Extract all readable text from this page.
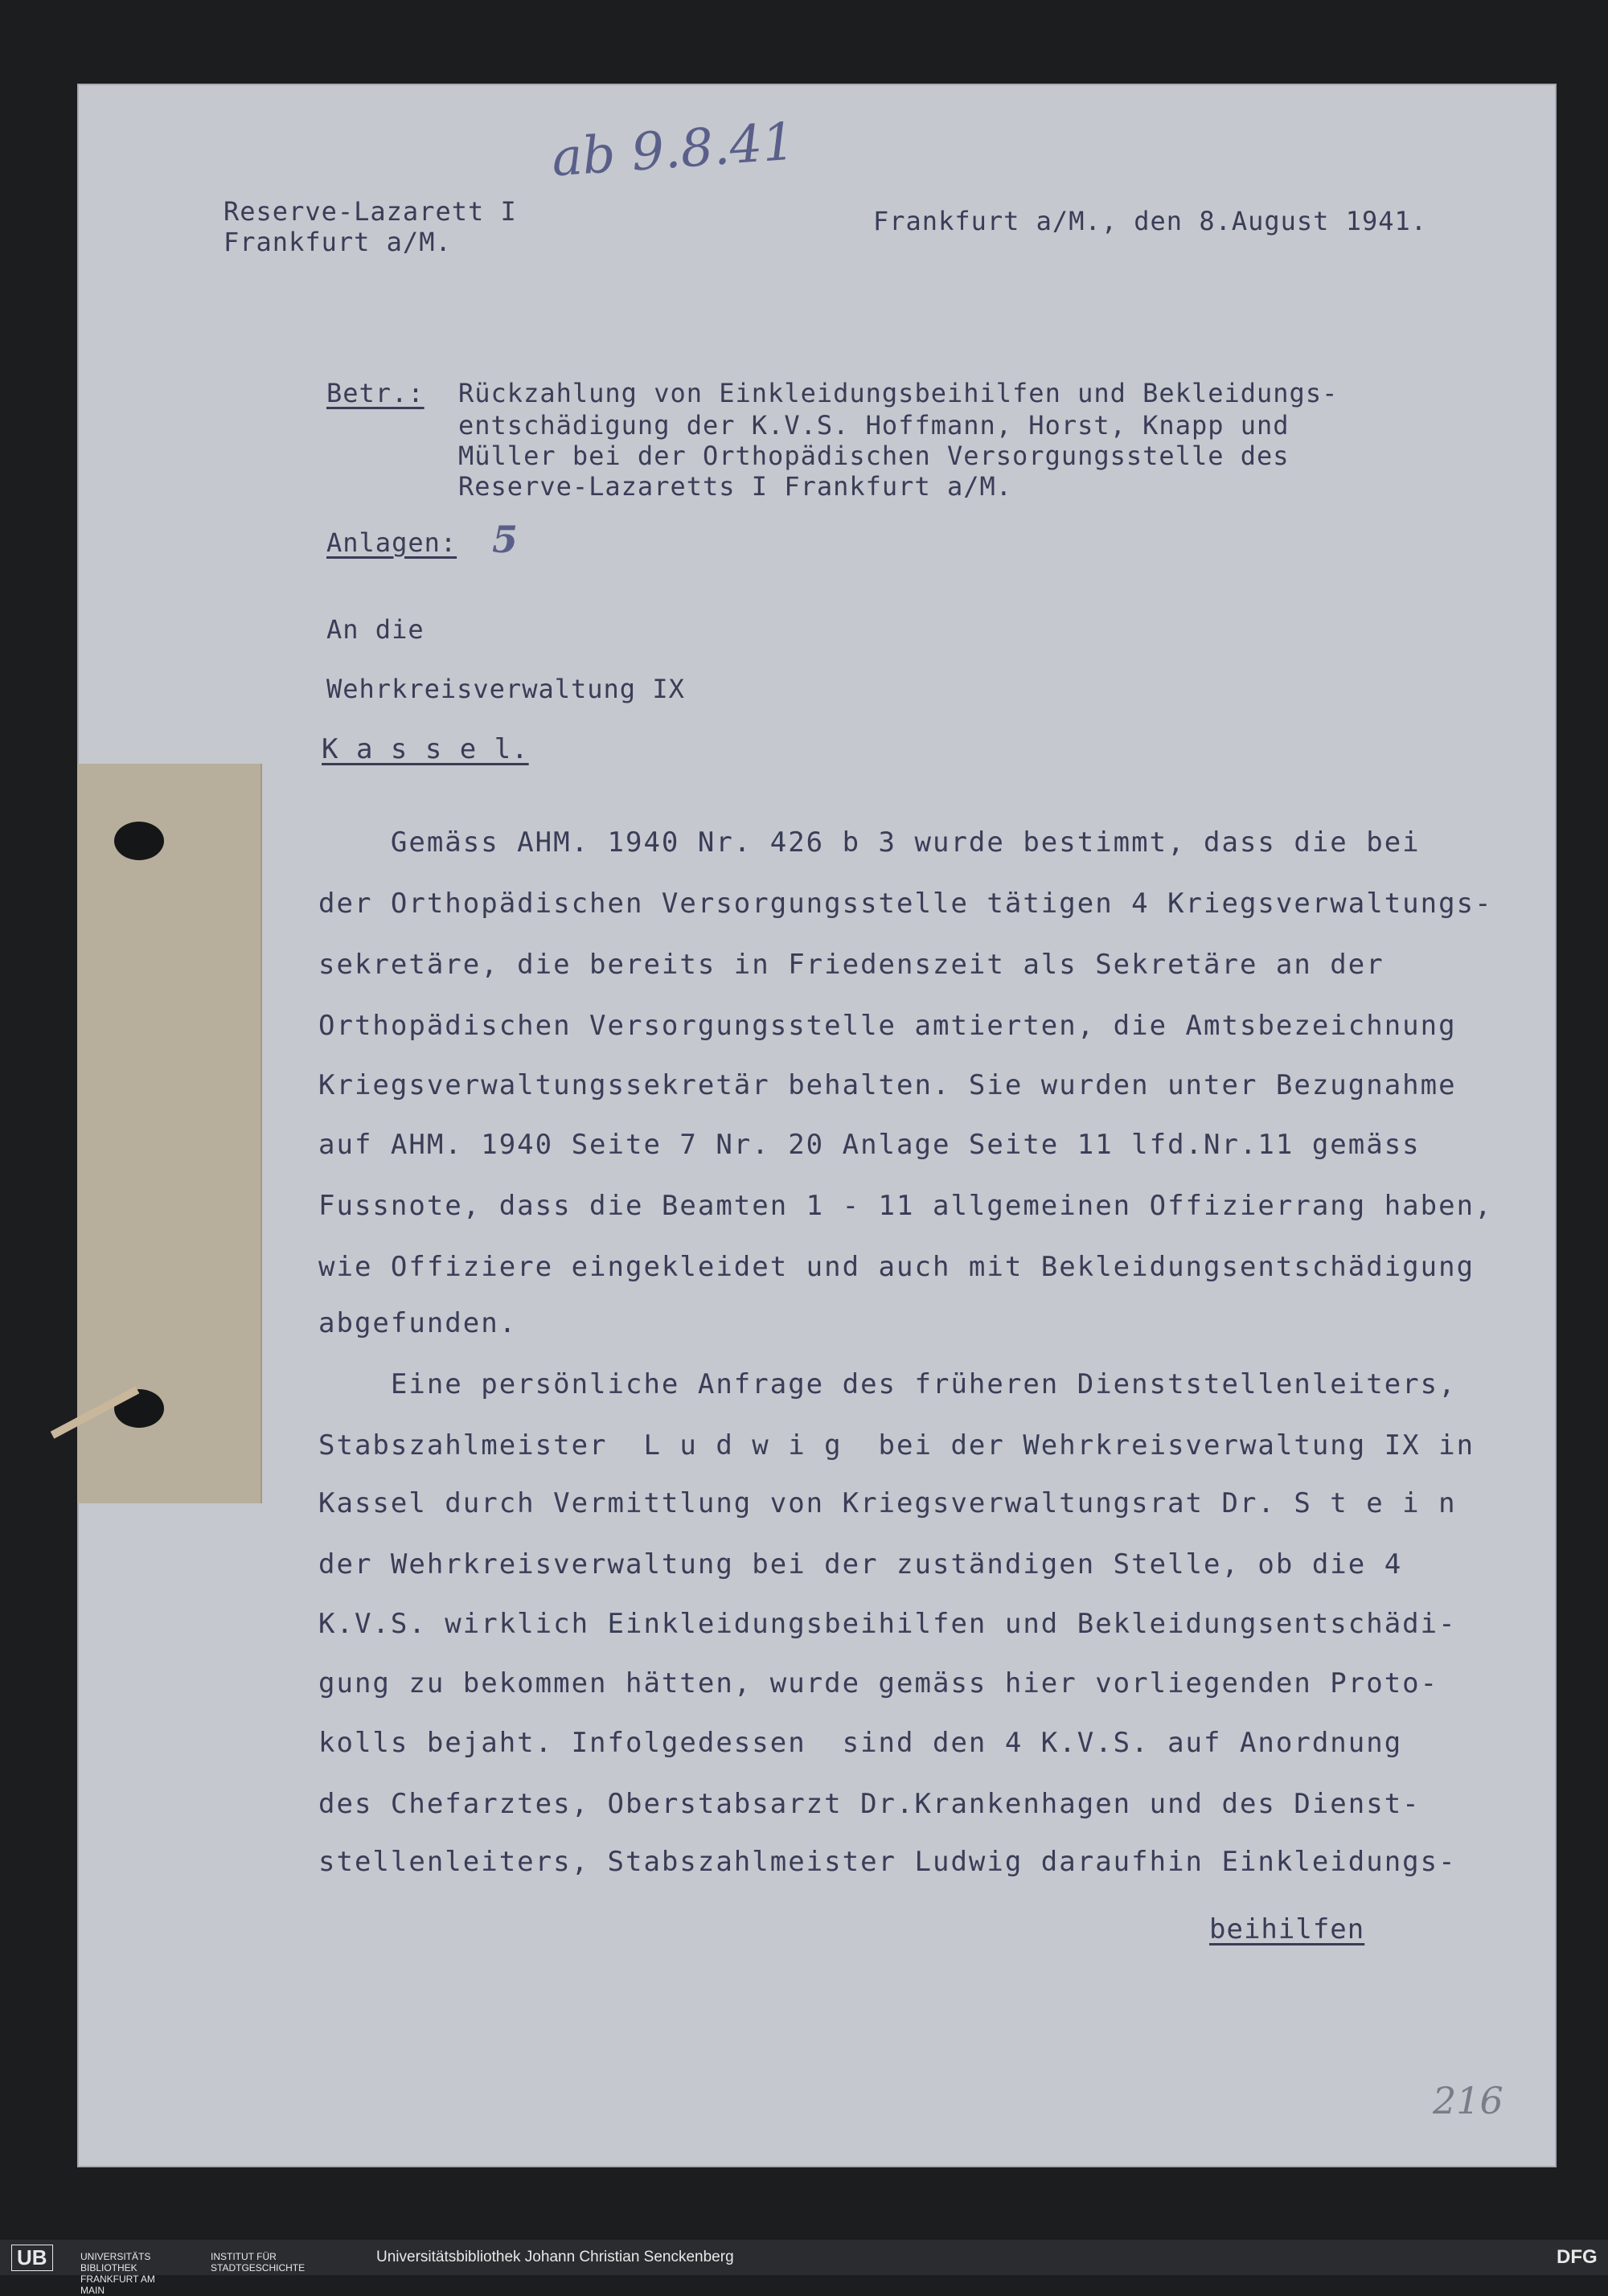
ab 9.8.41
Reserve-Lazarett I
Frankfurt a/M.
Frankfurt a/M., den 8.August 1941.
Betr.: Rückzahlung von Einkleidungsbeihilfen und Bekleidungs-
entschädigung der K.V.S. Hoffmann, Horst, Knapp und
Müller bei der Orthopädischen Versorgungsstelle des
Reserve-Lazaretts I Frankfurt a/M.
Anlagen: 5
An die
Wehrkreisverwaltung IX
K a s s e l.
Gemäss AHM. 1940 Nr. 426 b 3 wurde bestimmt, dass die bei
der Orthopädischen Versorgungsstelle tätigen 4 Kriegsverwaltungs-
sekretäre, die bereits in Friedenszeit als Sekretäre an der
Orthopädischen Versorgungsstelle amtierten, die Amtsbezeichnung
Kriegsverwaltungssekretär behalten. Sie wurden unter Bezugnahme
auf AHM. 1940 Seite 7 Nr. 20 Anlage Seite 11 lfd.Nr.11 gemäss
Fussnote, dass die Beamten 1 - 11 allgemeinen Offizierrang haben,
wie Offiziere eingekleidet und auch mit Bekleidungsentschädigung
abgefunden.
Eine persönliche Anfrage des früheren Dienststellenleiters,
Stabszahlmeister  L u d w i g  bei der Wehrkreisverwaltung IX in
Kassel durch Vermittlung von Kriegsverwaltungsrat Dr. S t e i n
der Wehrkreisverwaltung bei der zuständigen Stelle, ob die 4
K.V.S. wirklich Einkleidungsbeihilfen und Bekleidungsentschädi-
gung zu bekommen hätten, wurde gemäss hier vorliegenden Proto-
kolls bejaht. Infolgedessen  sind den 4 K.V.S. auf Anordnung
des Chefarztes, Oberstabsarzt Dr.Krankenhagen und des Dienst-
stellenleiters, Stabszahlmeister Ludwig daraufhin Einkleidungs-
beihilfen
216
UB	UNIVERSITÄTS BIBLIOTHEK FRANKFURT AM MAIN
INSTITUT FÜR STADTGESCHICHTE
Universitätsbibliothek Johann Christian Senckenberg	DFG
